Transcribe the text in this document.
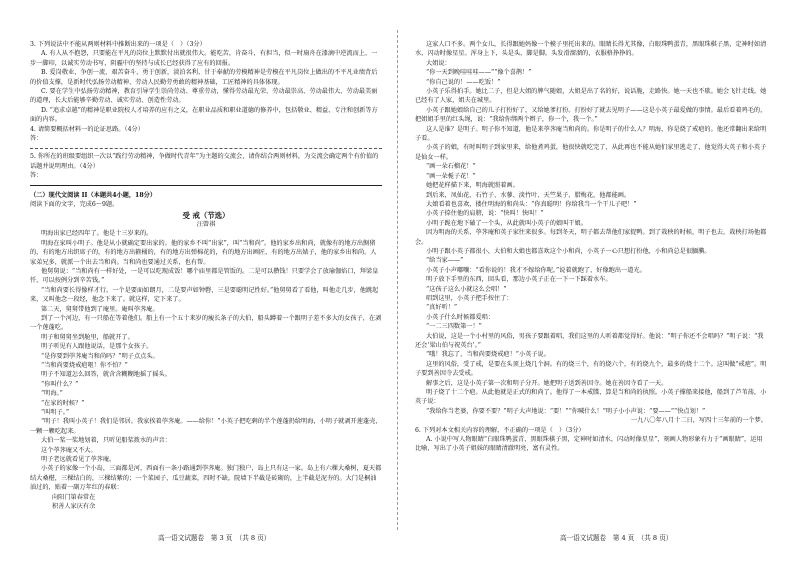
3. 下列说法中不能从两则材料中推断出来的一项是（　）（3分）

A. 有人从不抱怨，只要能在平凡的岗位上默默付出就很伟大。能吃苦，肯奋斗，有担当，似一时扇舟在漆滴中逆流而上，一步一脚印，以诚实劳动书写，阴霾中的坚持与成长已经获得了应有的回报。

B. 爱岗敬业、争创一流，艰苦奋斗、勇于创新，淡泊名利、甘于奉献的劳模精神是劳模在平凡岗位上做出的不平凡业绩背后的价值支撑，是新时代弘扬劳动精神、劳动人民勤劳勇敢的精神基础，工匠精神的具体体现。

C. 要在学生中弘扬劳动精神，教育引导学生崇尚劳动、尊重劳动，懂得劳动最光荣、劳动最崇高、劳动最伟大、劳动最美丽的道理，长大后能够辛勤劳动、诚实劳动、创造性劳动。

D. “追求卓越”的精神是职业院校人才培养的应有之义，在职业品质和职业道德的修养中，包括敬业、精益、专注和创新等方面的内容。

4. 请简要概括材料一的论证思路。（4分）

答：

5. 你所在的班级要组织一次以“践行劳动精神，争做时代青年”为主题的交流会，请你结合两则材料，为交流会确定两个有价值的话题并说明理由。（4分）

答：

（二）现代文阅读 II（本题共4小题，18分）

阅读下面的文字，完成6～9题。

受 戒（节选）

汪曾祺

明海出家已经四年了。他是十三岁来的。

明海在家叫小明子。他是从小就确定要出家的。他的家乡不叫“出家”，叫“当和尚”。他的家乡出和尚，就像有的地方出劁猪的，有的地方出织席子的，有的地方出箍桶的，有的地方出弹棉花的，有的地方出画匠，有的地方出婊子，他的家乡出和尚。人家弟兄多，就派一个出去当和尚。当和尚也要通过关系，也有帮。

他舅舅说：“当和尚有一样好处，一是可以吃现成饭！哪个庙里都是管饭的。二是可以攒钱！只要学会了放瑜伽焰口，拜梁皇忏，可以按例分到辛苦钱。”

“当和尚要长得像样才行，一个是要面如朗月，二是要声如钟磬，三是要聪明记性好。”他舅舅看了看他，叫他走几步，他跳起来，又叫他念一段经，他念下来了。就这样，定下来了。

第二天，舅舅带他到了庵里。庵叫荸荠庵。

到了一个河边，有一只船在等着他们。船上有一个五十来岁的瘦长条子的大伯，船头蹲着一个跟明子差不多大的女孩子，在剥一个莲蓬吃。

明子和舅舅坐到舱里，船就开了。

明子听见有人跟他说话，是那个女孩子。

“是你要到荸荠庵当和尚吗？”明子点点头。

“当和尚要烧戒疤呕！你不怕？”

明子不知道怎么回答，就含含糊糊地摇了摇头。

“你叫什么？”

“明海。”

“在家的时候？”

“叫明子。”

“明子！我叫小英子！我们是邻居。我家挨着荸荠庵。——给你！”小英子把吃剩的半个莲蓬扔给明海，小明子就剥开莲蓬壳，一颗一颗吃起来。

大伯一桨一桨地划着，只听见船桨拨水的声音：

这个荸荠庵又不大。

明子老远就看见了荸荠庵。

小英子的家像一个小岛，三面都是河，西面有一条小路通到荸荠庵。独门独户，岛上只有这一家。岛上有六棵大桑树，夏天都结大桑椹，三棵结白的，三棵结紫的；一个菜园子，瓜豆蔬菜，四时不缺。院墙下半截是砖砌的，上半截是泥夯的。大门是桐油油过的，贴着一副万年红的春联：

向阳门第春常在

积善人家庆有余

这家人口不多。两个女儿，长得跟她妈像一个模子里托出来的。眼睛长得尤其像，白眼珠鸭蛋青，黑眼珠棋子黑，定神时如清水，闪动时像星星。浑身上下，头是头，脚是脚。头发滑溜溜的，衣服格挣挣的。

大姐说：

“你一天到晚哇哇哇——”“像个喜鹊！”

“你自己说的！——吃饭！”

小英子乐得拍手。她比二子，但是大姐的脾气随娘，大姐是出了名的好，说话脆，走路快。她一天也不歇。她会飞针走线。她已经有了人家，姐夫在城里。

小英子跟她娘给自己的儿子打扮好了，又给她爹打扮。打扮好了就去见明子——这是小英子最爱做的事情。最后看着鸡毛的，把姐姐手里的红头绳，说：“我给你绑两个辫子，你一个，我一个。”

这人是谁？是明子。明子你不知道，他是来荸荠庵当和尚的。你是明子的什么人？明海，你是烧了戒疤的。他还常翻出来给明子看。

小英子的娘，有时叫明子到家里来，给他煮鸡蛋，他很快就吃完了，从此再也不能从她们家里逃走了，他觉得大英子和小英子是仙女一样。

“画一朵石榴花！”

“画一朵栀子花！”

她把花样描下来，明海就照着画。

到后来，凤仙花、石竹子、水蓼、淡竹叶、天竺果子、腊梅花，他都能画。

大娘看着也喜欢，搂住明海的和尚头：“你真聪明！你给我当一个干儿子吧！”

小英子捺住他的肩膀，说：“快叫！快叫！”

小明子跪在地下磕了一个头，从此就叫小英子的娘叫干娘。

因为明海的关系，荸荠庵和英子家往来很多。每到冬天，明子都去帮他们家捉鸭。到了栽秧的时候，明子也去，栽秧打场他都会。

小明子跟小英子都很小，大伯和大娘也都喜欢这个小和尚，小英子一心只想打扮他，小和尚总是很腼腆。

“给当家——”

小英子小声嘟囔：“看你说的！我才不嫁给你呢。”说着就跑了，好像跑出一道光。

明子放下手里的东西，回头看，那边小英子正在一下一下踩着水车。

“这孩子这么小就这么会唱！”

唱到这里，小英子把手按住了：

“真好听！”

小英子什么时候都爱唱：

“一二三四数第一！”

大伯说，这是一个小村里的风俗，男孩子要跟着唱，我们这里的人听着都觉得好。他说：“明子你还不会唱吗？”明子说：“我还会‘梁山伯与祝英台’。”

“哦！我忘了，当和尚要烧戒疤！”小英子说。

这里的风俗，受了戒，是要在头顶上烧几个洞。有的烧三个，有的烧六个，有的烧九个，最多的烧十二个。这叫做“戒疤”。明子要到善因寺去受戒。

解事之后，这是小英子第一次和明子分开。她把明子送到善因寺。她在善因寺看了一天。

明子烧了十二个疤。从此他就是正式的和尚了。他得了一本戒牒，算是当和尚的执照。小英子撑船来接他，船到了芦苇荡，小英子说：

“我给你当老婆，你要不要？”明子大声地说：“要！”“你喊什么！”明子小小声说：“要——”“快点划！”

一九八〇年八月十二日，写四十三年前的一个梦。

6. 下列对本文相关内容的理解，不正确的一项是（　）（3分）

A. 小说中写人物眼睛“白眼珠鸭蛋青，黑眼珠棋子黑，定神时如清水，闪动时像星星”，刻画人物形象有力于“画眼睛”，运用比喻，写出了小英子姐妹的眼睛清澈明亮，富有灵性。

高一语文试题卷　第 3 页　（共 8 页）	高一语文试题卷　第 4 页　（共 8 页）
